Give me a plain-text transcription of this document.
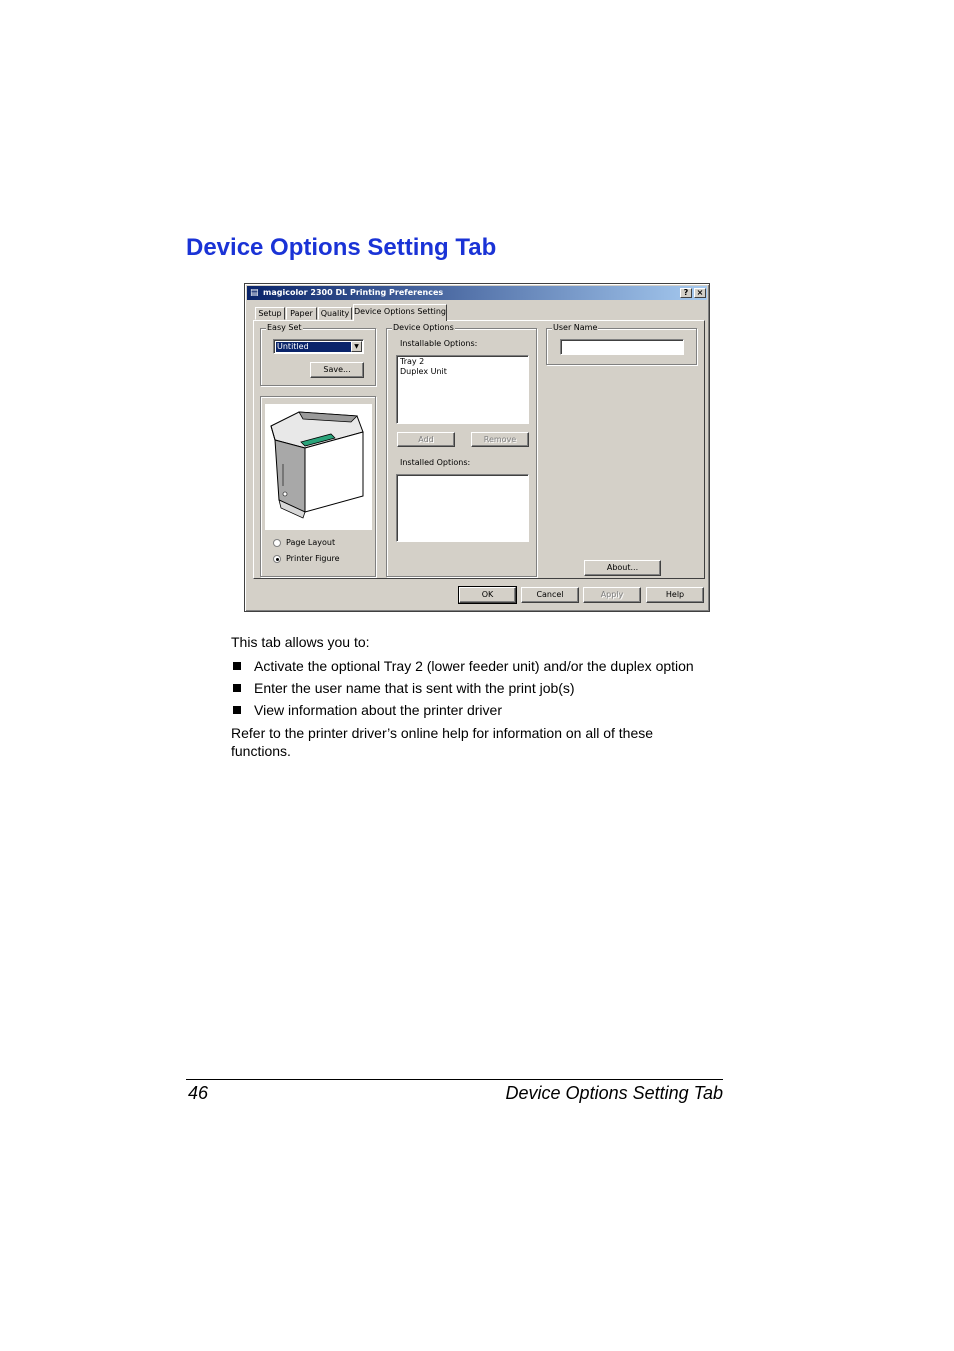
Device Options Setting Tab
▤ magicolor 2300 DL Printing Preferences	?	×
Setup	Paper Quality Device Options Setting
Easy Set
Untitled	▼
Save...
Page Layout
Printer Figure
Device Options
Installable Options:
Tray 2
Duplex Unit
Add	Remove
Installed Options:
User Name
About...
OK	Cancel	Apply	Help
This tab allows you to:
Activate the optional Tray 2 (lower feeder unit) and/or the duplex option
Enter the user name that is sent with the print job(s)
View information about the printer driver
Refer to the printer driver’s online help for information on all of these functions.
46	Device Options Setting Tab
